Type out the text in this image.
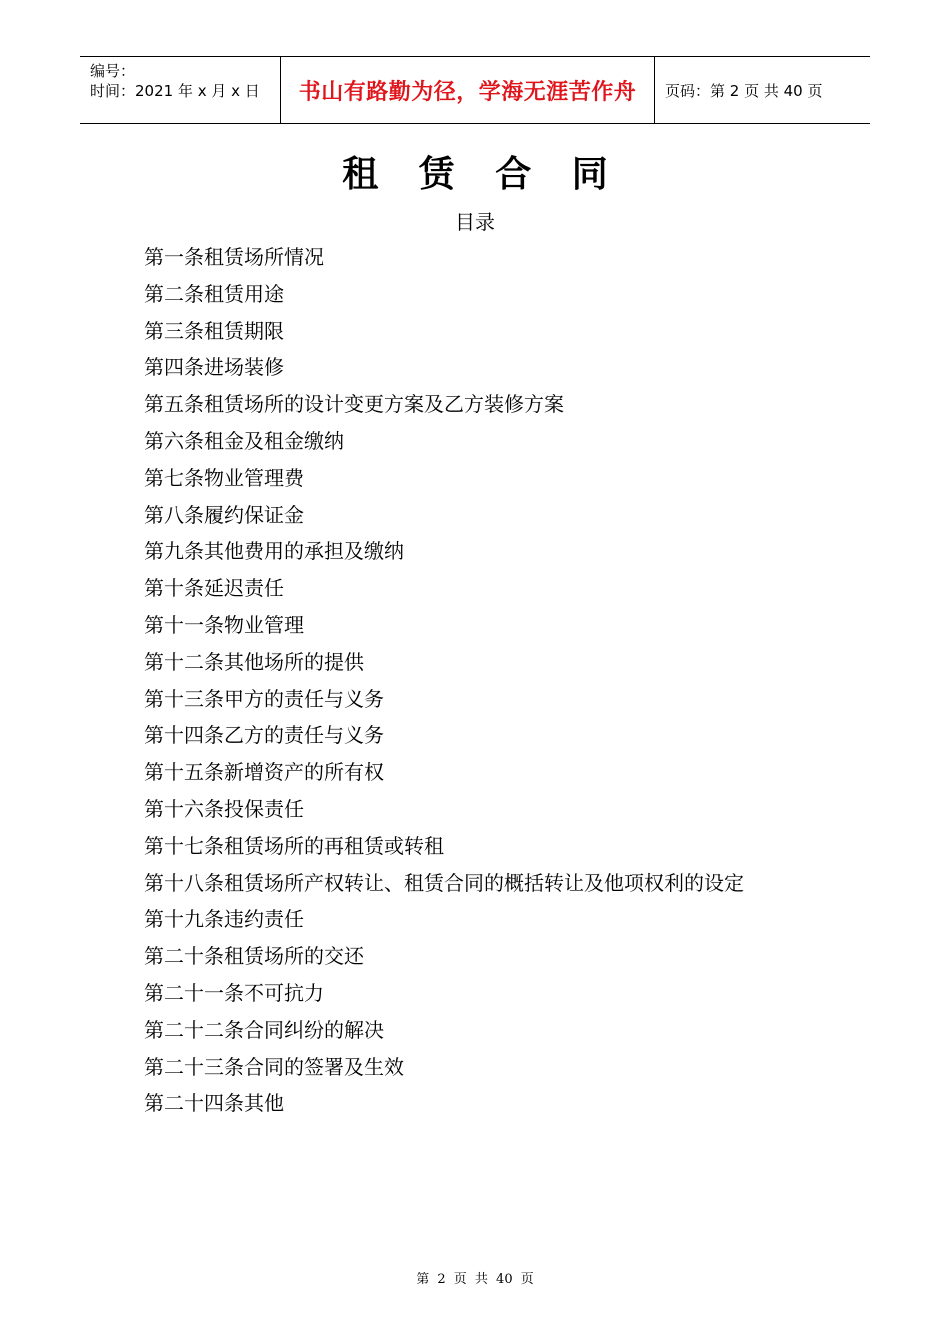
编号：
时间：2021 年 x 月 x 日	书山有路勤为径，学海无涯苦作舟	页码：第 2 页 共 40 页
租 赁 合 同
目录
第一条租赁场所情况
第二条租赁用途
第三条租赁期限
第四条进场装修
第五条租赁场所的设计变更方案及乙方装修方案
第六条租金及租金缴纳
第七条物业管理费
第八条履约保证金
第九条其他费用的承担及缴纳
第十条延迟责任
第十一条物业管理
第十二条其他场所的提供
第十三条甲方的责任与义务
第十四条乙方的责任与义务
第十五条新增资产的所有权
第十六条投保责任
第十七条租赁场所的再租赁或转租
第十八条租赁场所产权转让、租赁合同的概括转让及他项权利的设定
第十九条违约责任
第二十条租赁场所的交还
第二十一条不可抗力
第二十二条合同纠纷的解决
第二十三条合同的签署及生效
第二十四条其他
第 2 页 共 40 页
